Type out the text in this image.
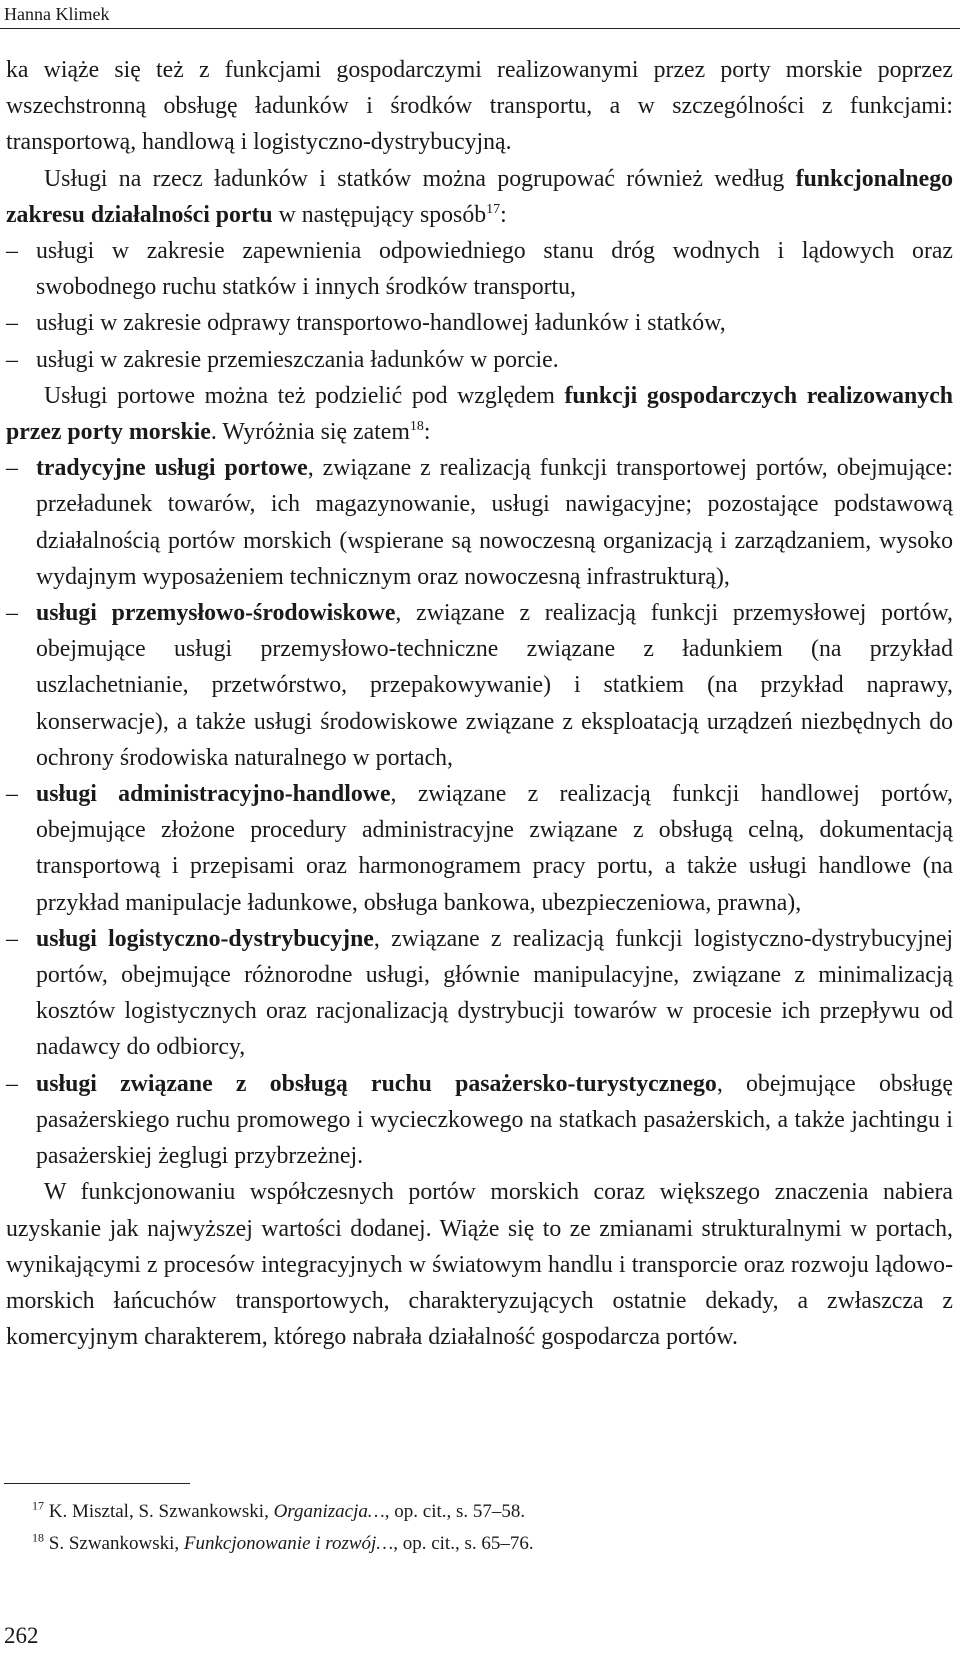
Hanna Klimek

ka wiąże się też z funkcjami gospodarczymi realizowanymi przez porty morskie poprzez wszechstronną obsługę ładunków i środków transportu, a w szczególności z funkcjami: transportową, handlową i logistyczno-dystrybucyjną.

Usługi na rzecz ładunków i statków można pogrupować również według funkcjonalnego zakresu działalności portu w następujący sposób$^{17}$:

– usługi w zakresie zapewnienia odpowiedniego stanu dróg wodnych i lądowych oraz swobodnego ruchu statków i innych środków transportu,
– usługi w zakresie odprawy transportowo-handlowej ładunków i statków,
– usługi w zakresie przemieszczania ładunków w porcie.

Usługi portowe można też podzielić pod względem funkcji gospodarczych realizowanych przez porty morskie. Wyróżnia się zatem$^{18}$:

– tradycyjne usługi portowe, związane z realizacją funkcji transportowej portów, obejmujące: przeładunek towarów, ich magazynowanie, usługi nawigacyjne; pozostające podstawową działalnością portów morskich (wspierane są nowoczesną organizacją i zarządzaniem, wysoko wydajnym wyposażeniem technicznym oraz nowoczesną infrastrukturą),
– usługi przemysłowo-środowiskowe, związane z realizacją funkcji przemysłowej portów, obejmujące usługi przemysłowo-techniczne związane z ładunkiem (na przykład uszlachetnianie, przetwórstwo, przepakowywanie) i statkiem (na przykład naprawy, konserwacje), a także usługi środowiskowe związane z eksploatacją urządzeń niezbędnych do ochrony środowiska naturalnego w portach,
– usługi administracyjno-handlowe, związane z realizacją funkcji handlowej portów, obejmujące złożone procedury administracyjne związane z obsługą celną, dokumentacją transportową i przepisami oraz harmonogramem pracy portu, a także usługi handlowe (na przykład manipulacje ładunkowe, obsługa bankowa, ubezpieczeniowa, prawna),
– usługi logistyczno-dystrybucyjne, związane z realizacją funkcji logistyczno-dystrybucyjnej portów, obejmujące różnorodne usługi, głównie manipulacyjne, związane z minimalizacją kosztów logistycznych oraz racjonalizacją dystrybucji towarów w procesie ich przepływu od nadawcy do odbiorcy,
– usługi związane z obsługą ruchu pasażersko-turystycznego, obejmujące obsługę pasażerskiego ruchu promowego i wycieczkowego na statkach pasażerskich, a także jachtingu i pasażerskiej żeglugi przybrzeżnej.

W funkcjonowaniu współczesnych portów morskich coraz większego znaczenia nabiera uzyskanie jak najwyższej wartości dodanej. Wiąże się to ze zmianami strukturalnymi w portach, wynikającymi z procesów integracyjnych w światowym handlu i transporcie oraz rozwoju lądowo-morskich łańcuchów transportowych, charakteryzujących ostatnie dekady, a zwłaszcza z komercyjnym charakterem, którego nabrała działalność gospodarcza portów.

$^{17}$ K. Misztal, S. Szwankowski, Organizacja…, op. cit., s. 57–58.

$^{18}$ S. Szwankowski, Funkcjonowanie i rozwój…, op. cit., s. 65–76.

262
